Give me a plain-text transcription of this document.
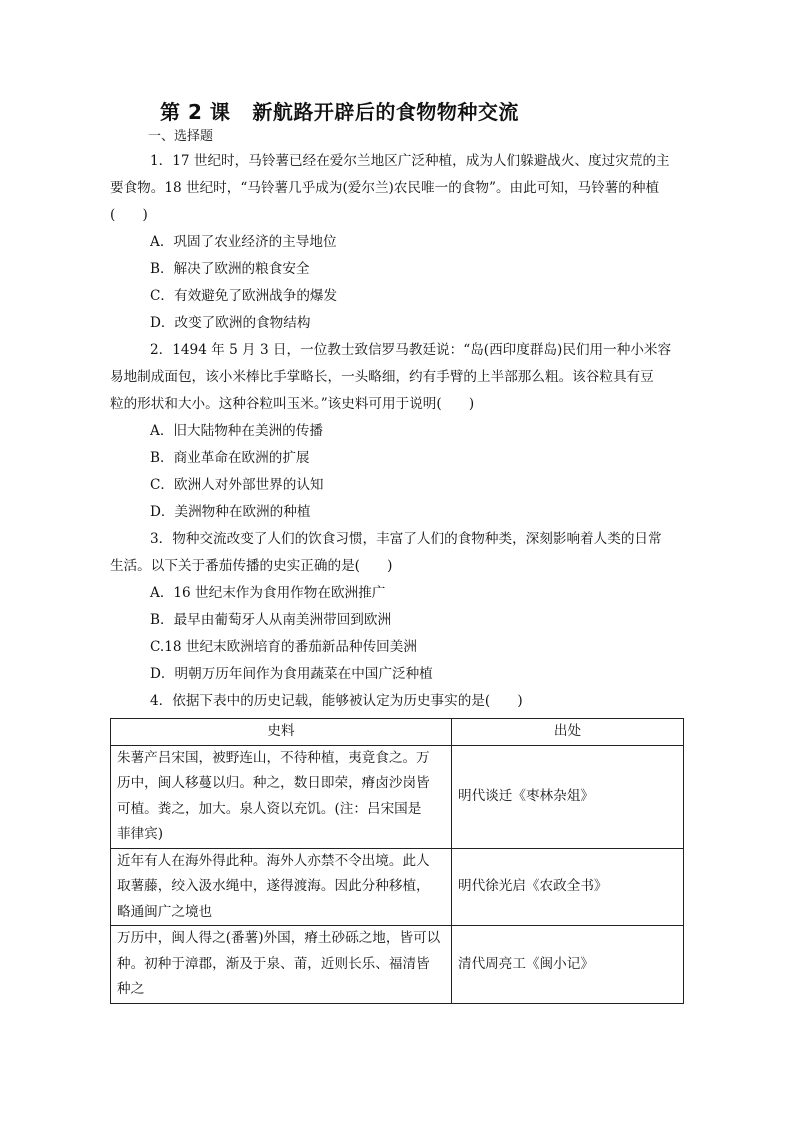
第 2 课 新航路开辟后的食物物种交流
一、选择题
1．17 世纪时，马铃薯已经在爱尔兰地区广泛种植，成为人们躲避战火、度过灾荒的主
要食物。18 世纪时，“马铃薯几乎成为(爱尔兰)农民唯一的食物”。由此可知，马铃薯的种植
(　　)
A．巩固了农业经济的主导地位
B．解决了欧洲的粮食安全
C．有效避免了欧洲战争的爆发
D．改变了欧洲的食物结构
2．1494 年 5 月 3 日，一位教士致信罗马教廷说：“岛(西印度群岛)民们用一种小米容
易地制成面包，该小米棒比手掌略长，一头略细，约有手臂的上半部那么粗。该谷粒具有豆
粒的形状和大小。这种谷粒叫玉米。”该史料可用于说明(　　)
A．旧大陆物种在美洲的传播
B．商业革命在欧洲的扩展
C．欧洲人对外部世界的认知
D．美洲物种在欧洲的种植
3．物种交流改变了人们的饮食习惯，丰富了人们的食物种类，深刻影响着人类的日常
生活。以下关于番茄传播的史实正确的是(　　)
A．16 世纪末作为食用作物在欧洲推广
B．最早由葡萄牙人从南美洲带回到欧洲
C.18 世纪末欧洲培育的番茄新品种传回美洲
D．明朝万历年间作为食用蔬菜在中国广泛种植
4．依据下表中的历史记载，能够被认定为历史事实的是(　　)
史料	出处

朱薯产吕宋国，被野连山，不待种植，夷竟食之。万
历中，闽人移蔓以归。种之，数日即荣，瘠卤沙岗皆
可植。粪之，加大。泉人资以充饥。(注：吕宋国是
菲律宾)	明代谈迁《枣林杂俎》

近年有人在海外得此种。海外人亦禁不令出境。此人
取薯藤，绞入汲水绳中，遂得渡海。因此分种移植，
略通闽广之境也	明代徐光启《农政全书》

万历中，闽人得之(番薯)外国，瘠土砂砾之地，皆可以
种。初种于漳郡，渐及于泉、莆，近则长乐、福清皆
种之	清代周亮工《闽小记》
